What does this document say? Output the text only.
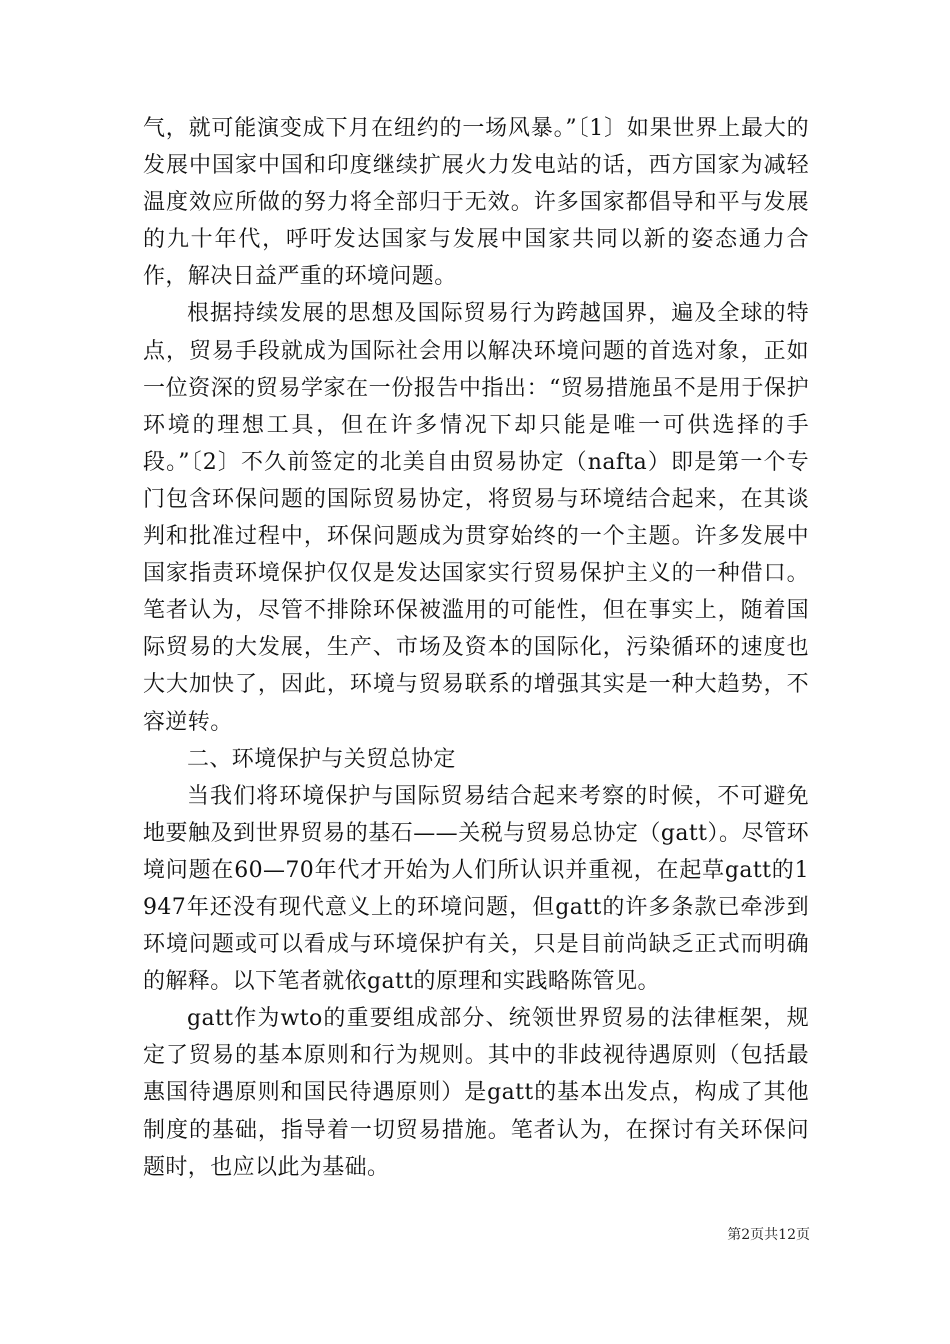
气，就可能演变成下月在纽约的一场风暴。”〔1〕如果世界上最大的发展中国家中国和印度继续扩展火力发电站的话，西方国家为减轻温度效应所做的努力将全部归于无效。许多国家都倡导和平与发展的九十年代，呼吁发达国家与发展中国家共同以新的姿态通力合作，解决日益严重的环境问题。

根据持续发展的思想及国际贸易行为跨越国界，遍及全球的特点，贸易手段就成为国际社会用以解决环境问题的首选对象，正如一位资深的贸易学家在一份报告中指出：“贸易措施虽不是用于保护环境的理想工具，但在许多情况下却只能是唯一可供选择的手段。”〔2〕不久前签定的北美自由贸易协定（nafta）即是第一个专门包含环保问题的国际贸易协定，将贸易与环境结合起来，在其谈判和批准过程中，环保问题成为贯穿始终的一个主题。许多发展中国家指责环境保护仅仅是发达国家实行贸易保护主义的一种借口。笔者认为，尽管不排除环保被滥用的可能性，但在事实上，随着国际贸易的大发展，生产、市场及资本的国际化，污染循环的速度也大大加快了，因此，环境与贸易联系的增强其实是一种大趋势，不容逆转。

二、环境保护与关贸总协定

当我们将环境保护与国际贸易结合起来考察的时候，不可避免地要触及到世界贸易的基石——关税与贸易总协定（gatt）。尽管环境问题在60—70年代才开始为人们所认识并重视，在起草gatt的1947年还没有现代意义上的环境问题，但gatt的许多条款已牵涉到环境问题或可以看成与环境保护有关，只是目前尚缺乏正式而明确的解释。以下笔者就依gatt的原理和实践略陈管见。

gatt作为wto的重要组成部分、统领世界贸易的法律框架，规定了贸易的基本原则和行为规则。其中的非歧视待遇原则（包括最惠国待遇原则和国民待遇原则）是gatt的基本出发点，构成了其他制度的基础，指导着一切贸易措施。笔者认为，在探讨有关环保问题时，也应以此为基础。

第2页共12页
